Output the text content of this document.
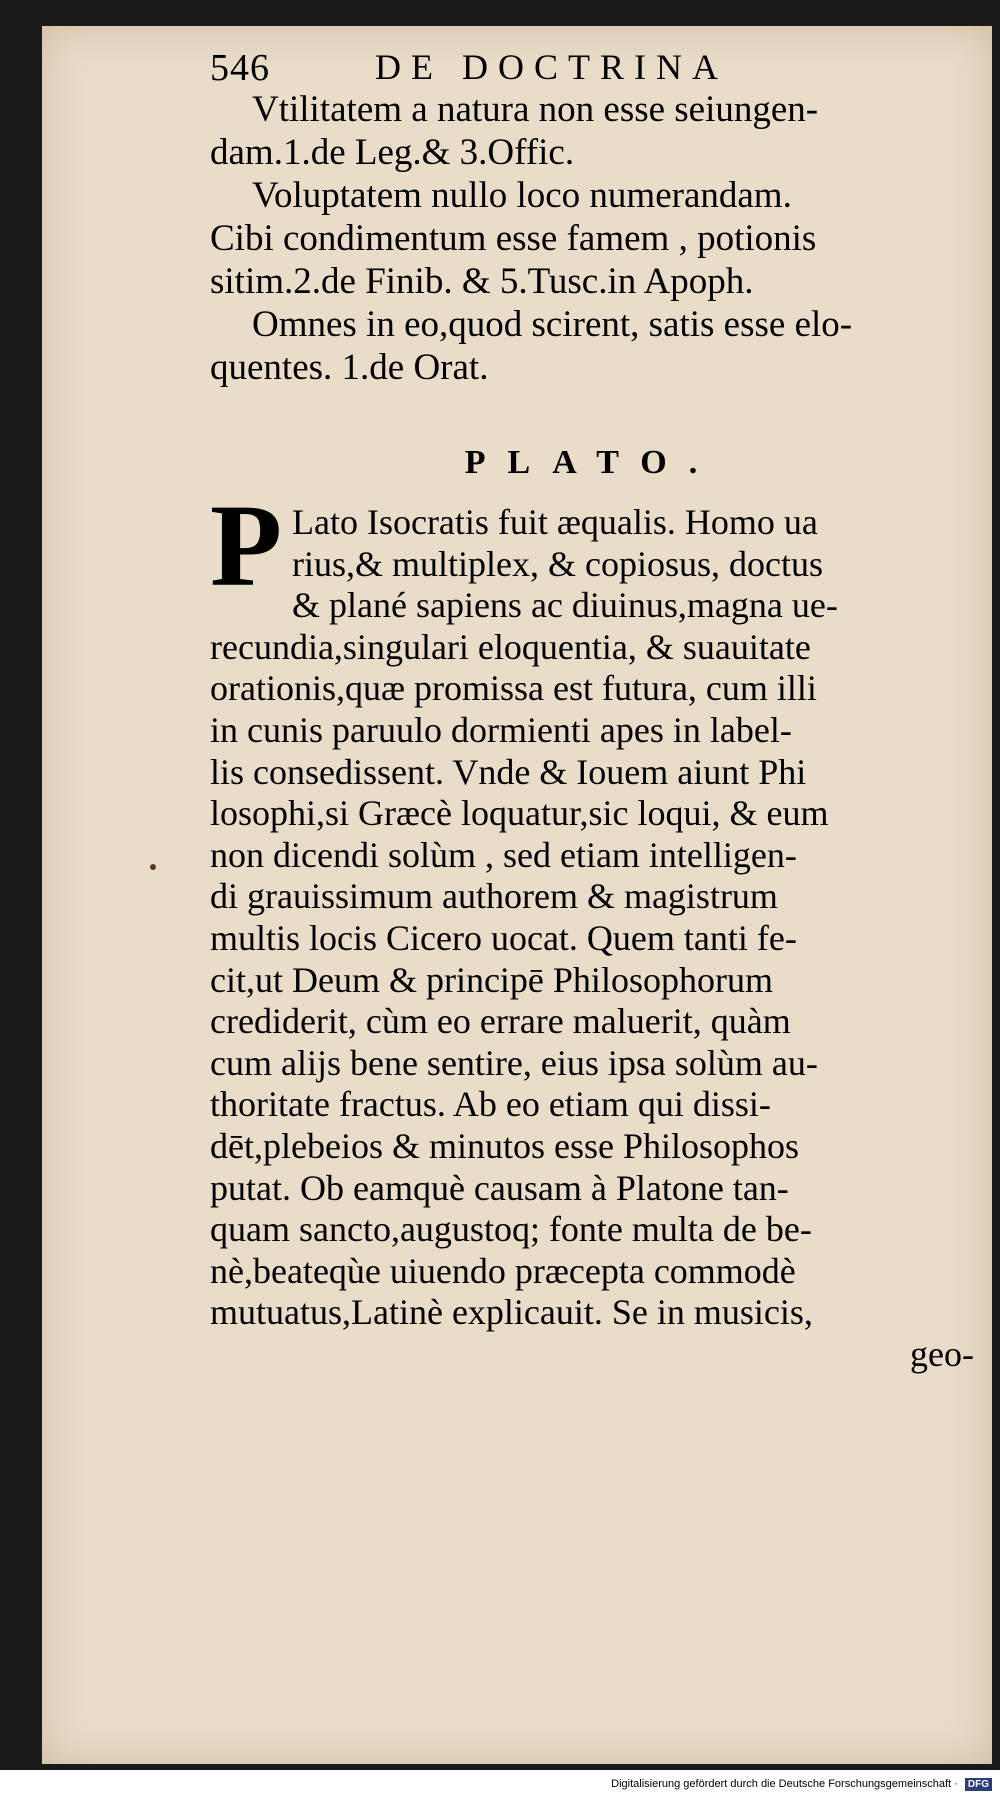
546	DE DOCTRINA
Vtilitatem a natura non esse seiungen-
dam.1.de Leg.& 3.Offic.
Voluptatem nullo loco numerandam.
Cibi condimentum esse famem , potionis
sitim.2.de Finib. & 5.Tusc.in Apoph.
Omnes in eo,quod scirent, satis esse elo-
quentes. 1.de Orat.
PLATO.
P Lato Isocratis fuit æqualis. Homo ua
rius,& multiplex, & copiosus, doctus
& plané sapiens ac diuinus,magna ue-
recundia,singulari eloquentia, & suauitate
orationis,quæ promissa est futura, cum illi
in cunis paruulo dormienti apes in label-
lis consedissent. Vnde & Iouem aiunt Phi
losophi,si Græcè loquatur,sic loqui, & eum
non dicendi solùm , sed etiam intelligen-
di grauissimum authorem & magistrum
multis locis Cicero uocat. Quem tanti fe-
cit,ut Deum & principē Philosophorum
crediderit, cùm eo errare maluerit, quàm
cum alijs bene sentire, eius ipsa solùm au-
thoritate fractus. Ab eo etiam qui dissi-
dēt,plebeios & minutos esse Philosophos
putat. Ob eamquè causam à Platone tan-
quam sancto,augustoq; fonte multa de be-
nè,beateqùe uiuendo præcepta commodè
mutuatus,Latinè explicauit. Se in musicis,
geo-
Digitalisierung gefördert durch die Deutsche Forschungsgemeinschaft · DFG
